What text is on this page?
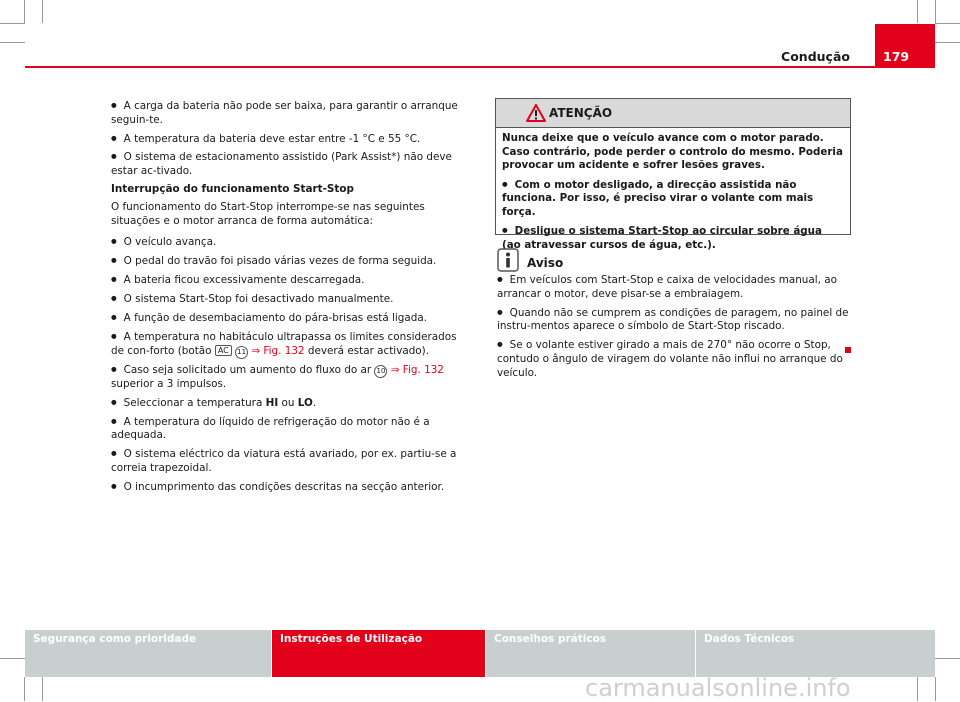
Condução	179

● A carga da bateria não pode ser baixa, para garantir o arranque seguin-te.

● A temperatura da bateria deve estar entre -1 °C e 55 °C.

● O sistema de estacionamento assistido (Park Assist*) não deve estar ac-tivado.

Interrupção do funcionamento Start-Stop

O funcionamento do Start-Stop interrompe-se nas seguintes situações e o motor arranca de forma automática:

● O veículo avança.

● O pedal do travão foi pisado várias vezes de forma seguida.

● A bateria ficou excessivamente descarregada.

● O sistema Start-Stop foi desactivado manualmente.

● A função de desembaciamento do pára-brisas está ligada.

● A temperatura no habitáculo ultrapassa os limites considerados de con-forto (botão AC 11 ⇒ Fig. 132 deverá estar activado).

● Caso seja solicitado um aumento do fluxo do ar 10 ⇒ Fig. 132 superior a 3 impulsos.

● Seleccionar a temperatura HI ou LO.

● A temperatura do líquido de refrigeração do motor não é a adequada.

● O sistema eléctrico da viatura está avariado, por ex. partiu-se a correia trapezoidal.

● O incumprimento das condições descritas na secção anterior.

ATENÇÃO

Nunca deixe que o veículo avance com o motor parado. Caso contrário, pode perder o controlo do mesmo. Poderia provocar um acidente e sofrer lesões graves.

● Com o motor desligado, a direcção assistida não funciona. Por isso, é preciso virar o volante com mais força.

● Desligue o sistema Start-Stop ao circular sobre água (ao atravessar cursos de água, etc.).

Aviso

● Em veículos com Start-Stop e caixa de velocidades manual, ao arrancar o motor, deve pisar-se a embraiagem.

● Quando não se cumprem as condições de paragem, no painel de instru-mentos aparece o símbolo de Start-Stop riscado.

● Se o volante estiver girado a mais de 270° não ocorre o Stop, contudo o ângulo de viragem do volante não influi no arranque do veículo.

Segurança como prioridade	Instruções de Utilização	Conselhos práticos	Dados Técnicos
carmanualsonline.info
